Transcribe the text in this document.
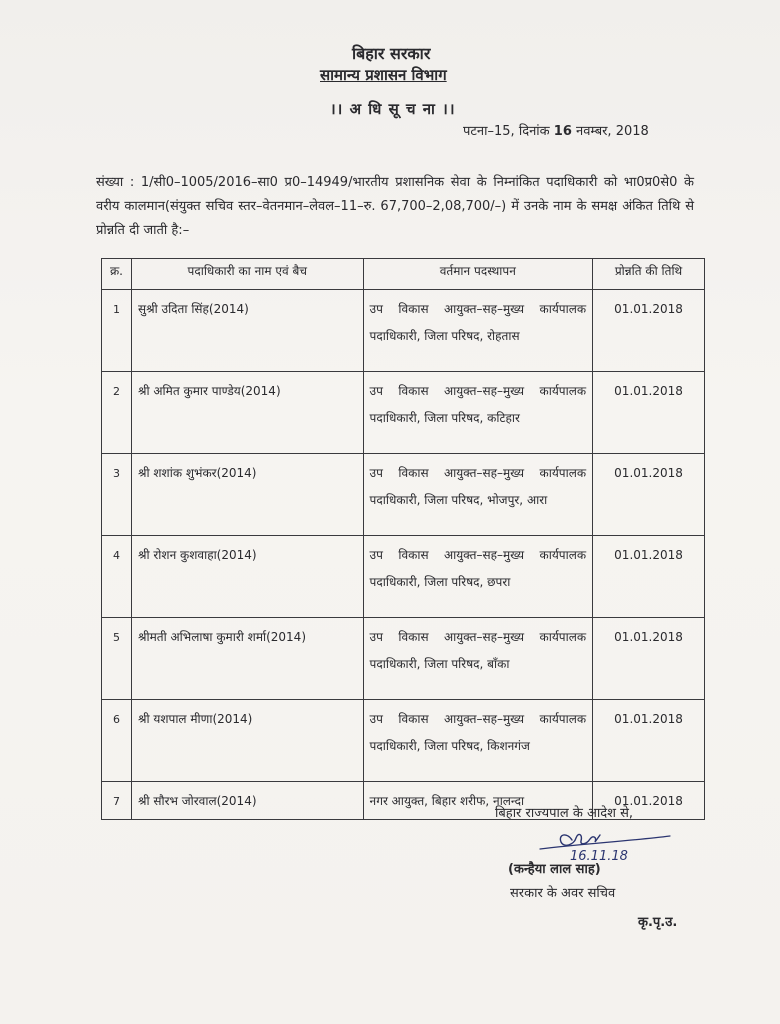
बिहार सरकार
सामान्य प्रशासन विभाग
।। अ धि सू च ना ।।
पटना–15, दिनांक 16 नवम्बर, 2018
संख्या : 1/सी0–1005/2016–सा0 प्र0–14949/भारतीय प्रशासनिक सेवा के निम्नांकित पदाधिकारी को भा0प्र0से0 के वरीय कालमान(संयुक्त सचिव स्तर–वेतनमान–लेवल–11–रु. 67,700–2,08,700/–) में उनके नाम के समक्ष अंकित तिथि से प्रोन्नति दी जाती है:–
क्र.	पदाधिकारी का नाम एवं बैच	वर्तमान पदस्थापन	प्रोन्नति की तिथि
1	सुश्री उदिता सिंह(2014)	उप विकास आयुक्त–सह–मुख्य कार्यपालक पदाधिकारी, जिला परिषद, रोहतास	01.01.2018
2	श्री अमित कुमार पाण्डेय(2014)	उप विकास आयुक्त–सह–मुख्य कार्यपालक पदाधिकारी, जिला परिषद, कटिहार	01.01.2018
3	श्री शशांक शुभंकर(2014)	उप विकास आयुक्त–सह–मुख्य कार्यपालक पदाधिकारी, जिला परिषद, भोजपुर, आरा	01.01.2018
4	श्री रोशन कुशवाहा(2014)	उप विकास आयुक्त–सह–मुख्य कार्यपालक पदाधिकारी, जिला परिषद, छपरा	01.01.2018
5	श्रीमती अभिलाषा कुमारी शर्मा(2014)	उप विकास आयुक्त–सह–मुख्य कार्यपालक पदाधिकारी, जिला परिषद, बाँका	01.01.2018
6	श्री यशपाल मीणा(2014)	उप विकास आयुक्त–सह–मुख्य कार्यपालक पदाधिकारी, जिला परिषद, किशनगंज	01.01.2018
7	श्री सौरभ जोरवाल(2014)	नगर आयुक्त, बिहार शरीफ, नालन्दा	01.01.2018
बिहार राज्यपाल के आदेश से,
16.11.18
(कन्हैया लाल साह)
सरकार के अवर सचिव
कृ.पृ.उ.
